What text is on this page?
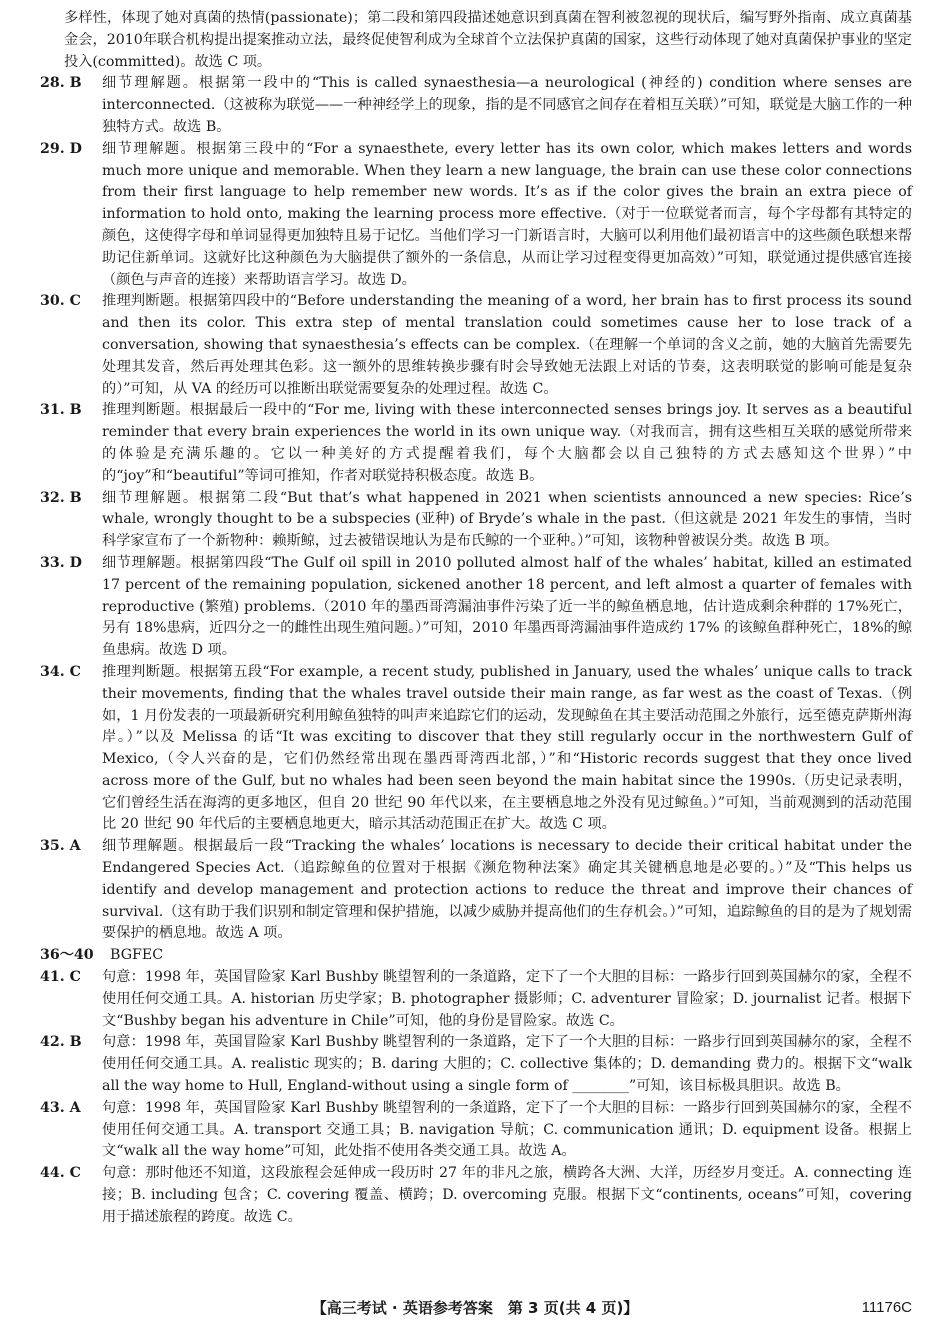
多样性，体现了她对真菌的热情(passionate)；第二段和第四段描述她意识到真菌在智利被忽视的现状后，编写野外指南、成立真菌基金会，2010年联合机构提出提案推动立法，最终促使智利成为全球首个立法保护真菌的国家，这些行动体现了她对真菌保护事业的坚定投入(committed)。故选 C 项。

28. B	细节理解题。根据第一段中的“This is called synaesthesia—a neurological (神经的) condition where senses are interconnected.（这被称为联觉——一种神经学上的现象，指的是不同感官之间存在着相互关联）”可知，联觉是大脑工作的一种独特方式。故选 B。

29. D	细节理解题。根据第三段中的“For a synaesthete, every letter has its own color, which makes letters and words much more unique and memorable. When they learn a new language, the brain can use these color connections from their first language to help remember new words. It’s as if the color gives the brain an extra piece of information to hold onto, making the learning process more effective.（对于一位联觉者而言，每个字母都有其特定的颜色，这使得字母和单词显得更加独特且易于记忆。当他们学习一门新语言时，大脑可以利用他们最初语言中的这些颜色联想来帮助记住新单词。这就好比这种颜色为大脑提供了额外的一条信息，从而让学习过程变得更加高效）”可知，联觉通过提供感官连接（颜色与声音的连接）来帮助语言学习。故选 D。

30. C	推理判断题。根据第四段中的“Before understanding the meaning of a word, her brain has to first process its sound and then its color. This extra step of mental translation could sometimes cause her to lose track of a conversation, showing that synaesthesia’s effects can be complex.（在理解一个单词的含义之前，她的大脑首先需要先处理其发音，然后再处理其色彩。这一额外的思维转换步骤有时会导致她无法跟上对话的节奏，这表明联觉的影响可能是复杂的）”可知，从 VA 的经历可以推断出联觉需要复杂的处理过程。故选 C。

31. B	推理判断题。根据最后一段中的“For me, living with these interconnected senses brings joy. It serves as a beautiful reminder that every brain experiences the world in its own unique way.（对我而言，拥有这些相互关联的感觉所带来的体验是充满乐趣的。它以一种美好的方式提醒着我们，每个大脑都会以自己独特的方式去感知这个世界）”中的“joy”和“beautiful”等词可推知，作者对联觉持积极态度。故选 B。

32. B	细节理解题。根据第二段“But that’s what happened in 2021 when scientists announced a new species: Rice’s whale, wrongly thought to be a subspecies (亚种) of Bryde’s whale in the past.（但这就是 2021 年发生的事情，当时科学家宣布了一个新物种：赖斯鲸，过去被错误地认为是布氏鲸的一个亚种。）”可知，该物种曾被误分类。故选 B 项。

33. D	细节理解题。根据第四段“The Gulf oil spill in 2010 polluted almost half of the whales’ habitat, killed an estimated 17 percent of the remaining population, sickened another 18 percent, and left almost a quarter of females with reproductive (繁殖) problems.（2010 年的墨西哥湾漏油事件污染了近一半的鲸鱼栖息地，估计造成剩余种群的 17%死亡，另有 18%患病，近四分之一的雌性出现生殖问题。）”可知，2010 年墨西哥湾漏油事件造成约 17% 的该鲸鱼群种死亡，18%的鲸鱼患病。故选 D 项。

34. C	推理判断题。根据第五段“For example, a recent study, published in January, used the whales’ unique calls to track their movements, finding that the whales travel outside their main range, as far west as the coast of Texas.（例如，1 月份发表的一项最新研究利用鲸鱼独特的叫声来追踪它们的运动，发现鲸鱼在其主要活动范围之外旅行，远至德克萨斯州海岸。）”以及 Melissa 的话“It was exciting to discover that they still regularly occur in the northwestern Gulf of Mexico,（令人兴奋的是，它们仍然经常出现在墨西哥湾西北部，）”和“Historic records suggest that they once lived across more of the Gulf, but no whales had been seen beyond the main habitat since the 1990s.（历史记录表明，它们曾经生活在海湾的更多地区，但自 20 世纪 90 年代以来，在主要栖息地之外没有见过鲸鱼。）”可知，当前观测到的活动范围比 20 世纪 90 年代后的主要栖息地更大，暗示其活动范围正在扩大。故选 C 项。

35. A	细节理解题。根据最后一段“Tracking the whales’ locations is necessary to decide their critical habitat under the Endangered Species Act.（追踪鲸鱼的位置对于根据《濒危物种法案》确定其关键栖息地是必要的。）”及“This helps us identify and develop management and protection actions to reduce the threat and improve their chances of survival.（这有助于我们识别和制定管理和保护措施，以减少威胁并提高他们的生存机会。）”可知，追踪鲸鱼的目的是为了规划需要保护的栖息地。故选 A 项。

36～40	BGFEC

41. C	句意：1998 年，英国冒险家 Karl Bushby 眺望智利的一条道路，定下了一个大胆的目标：一路步行回到英国赫尔的家，全程不使用任何交通工具。A. historian 历史学家；B. photographer 摄影师；C. adventurer 冒险家；D. journalist 记者。根据下文“Bushby began his adventure in Chile”可知，他的身份是冒险家。故选 C。

42. B	句意：1998 年，英国冒险家 Karl Bushby 眺望智利的一条道路，定下了一个大胆的目标：一路步行回到英国赫尔的家，全程不使用任何交通工具。A. realistic 现实的；B. daring 大胆的；C. collective 集体的；D. demanding 费力的。根据下文“walk all the way home to Hull, England-without using a single form of ________”可知，该目标极具胆识。故选 B。

43. A	句意：1998 年，英国冒险家 Karl Bushby 眺望智利的一条道路，定下了一个大胆的目标：一路步行回到英国赫尔的家，全程不使用任何交通工具。A. transport 交通工具；B. navigation 导航；C. communication 通讯；D. equipment 设备。根据上文“walk all the way home”可知，此处指不使用各类交通工具。故选 A。

44. C	句意：那时他还不知道，这段旅程会延伸成一段历时 27 年的非凡之旅，横跨各大洲、大洋，历经岁月变迁。A. connecting 连接；B. including 包含；C. covering 覆盖、横跨；D. overcoming 克服。根据下文“continents, oceans”可知，covering 用于描述旅程的跨度。故选 C。

【高三考试 · 英语参考答案　第 3 页(共 4 页)】	11176C
